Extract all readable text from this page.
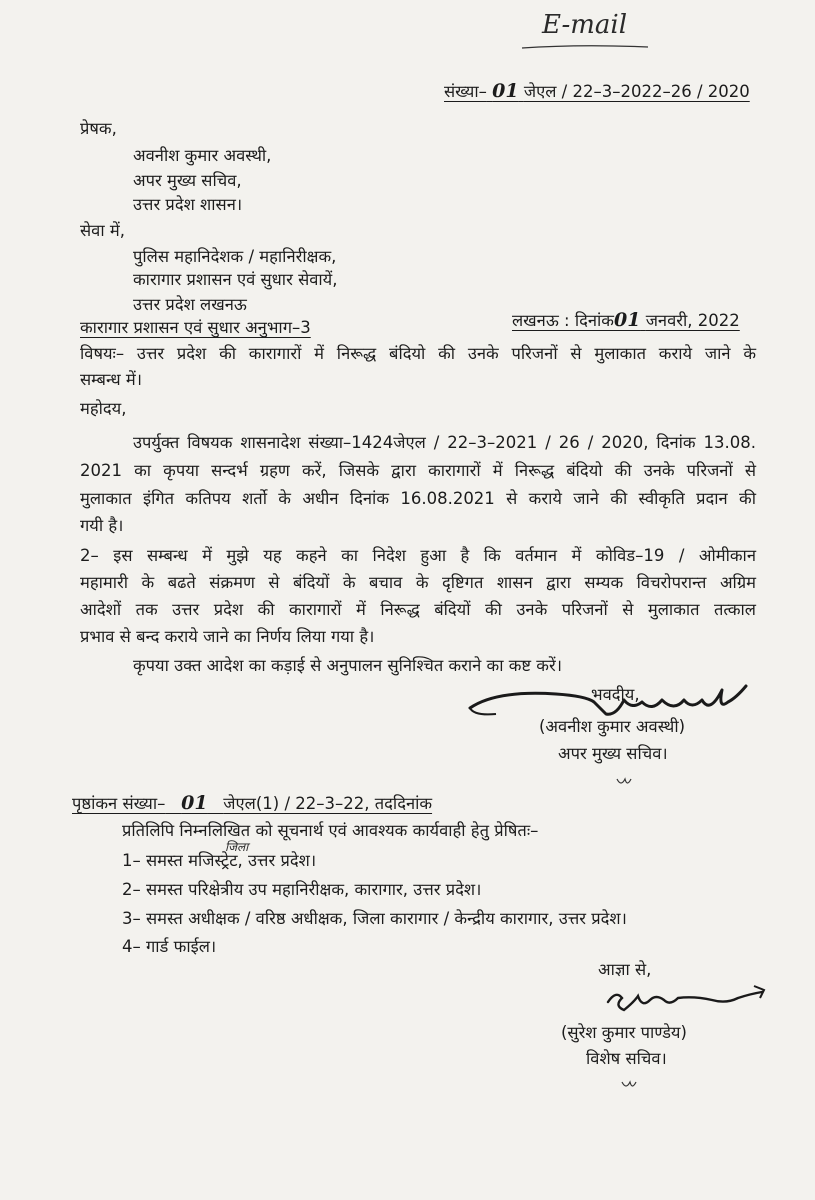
E-mail
संख्या– 01 जेएल / 22–3–2022–26 / 2020
प्रेषक,
अवनीश कुमार अवस्थी,
अपर मुख्य सचिव,
उत्तर प्रदेश शासन।
सेवा में,
पुलिस महानिदेशक / महानिरीक्षक,
कारागार प्रशासन एवं सुधार सेवायें,
उत्तर प्रदेश लखनऊ
कारागार प्रशासन एवं सुधार अनुभाग–3	लखनऊ : दिनांक01 जनवरी, 2022
विषयः– उत्तर प्रदेश की कारागारों में निरूद्ध बंदियो की उनके परिजनों से मुलाकात कराये जाने के
सम्बन्ध में।
महोदय,
उपर्युक्त विषयक शासनादेश संख्या–1424जेएल / 22–3–2021 / 26 / 2020, दिनांक 13.08.
2021 का कृपया सन्दर्भ ग्रहण करें, जिसके द्वारा कारागारों में निरूद्ध बंदियो की उनके परिजनों से
मुलाकात इंगित कतिपय शर्तो के अधीन दिनांक 16.08.2021 से कराये जाने की स्वीकृति प्रदान की
गयी है।
2– इस सम्बन्ध में मुझे यह कहने का निदेश हुआ है कि वर्तमान में कोविड–19 / ओमीकान
महामारी के बढते संक्रमण से बंदियों के बचाव के दृष्टिगत शासन द्वारा सम्यक विचरोपरान्त अग्रिम
आदेशों तक उत्तर प्रदेश की कारागारों में निरूद्ध बंदियों की उनके परिजनों से मुलाकात तत्काल
प्रभाव से बन्द कराये जाने का निर्णय लिया गया है।
कृपया उक्त आदेश का कड़ाई से अनुपालन सुनिश्चित कराने का कष्ट करें।
भवदीय,
(अवनीश कुमार अवस्थी)
अपर मुख्य सचिव।
पृष्ठांकन संख्या– 01 जेएल(1) / 22–3–22, तददिनांक
प्रतिलिपि निम्नलिखित को सूचनार्थ एवं आवश्यक कार्यवाही हेतु प्रेषितः–
जिला
1– समस्त मजिस्ट्रेट, उत्तर प्रदेश।
2– समस्त परिक्षेत्रीय उप महानिरीक्षक, कारागार, उत्तर प्रदेश।
3– समस्त अधीक्षक / वरिष्ठ अधीक्षक, जिला कारागार / केन्द्रीय कारागार, उत्तर प्रदेश।
4– गार्ड फाईल।
आज्ञा से,
(सुरेश कुमार पाण्डेय)
विशेष सचिव।
